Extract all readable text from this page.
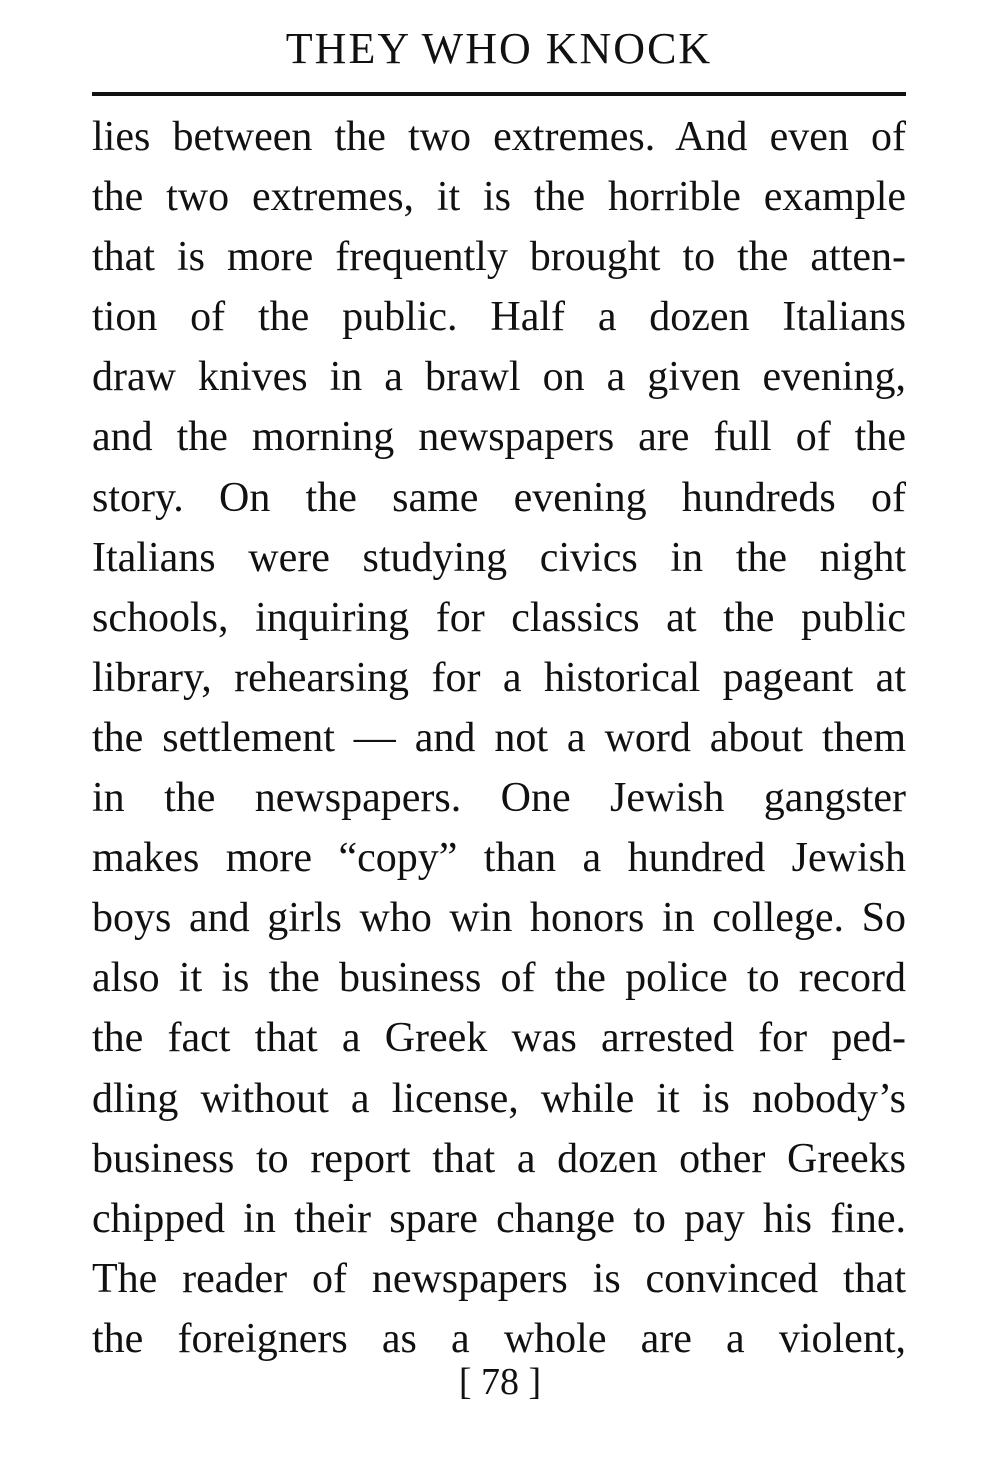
THEY WHO KNOCK
lies between the two extremes. And even of
the two extremes, it is the horrible example
that is more frequently brought to the atten-
tion of the public. Half a dozen Italians
draw knives in a brawl on a given evening,
and the morning newspapers are full of the
story. On the same evening hundreds of
Italians were studying civics in the night
schools, inquiring for classics at the public
library, rehearsing for a historical pageant at
the settlement — and not a word about them
in the newspapers. One Jewish gangster
makes more “copy” than a hundred Jewish
boys and girls who win honors in college. So
also it is the business of the police to record
the fact that a Greek was arrested for ped-
dling without a license, while it is nobody’s
business to report that a dozen other Greeks
chipped in their spare change to pay his fine.
The reader of newspapers is convinced that
the foreigners as a whole are a violent,
[ 78 ]
